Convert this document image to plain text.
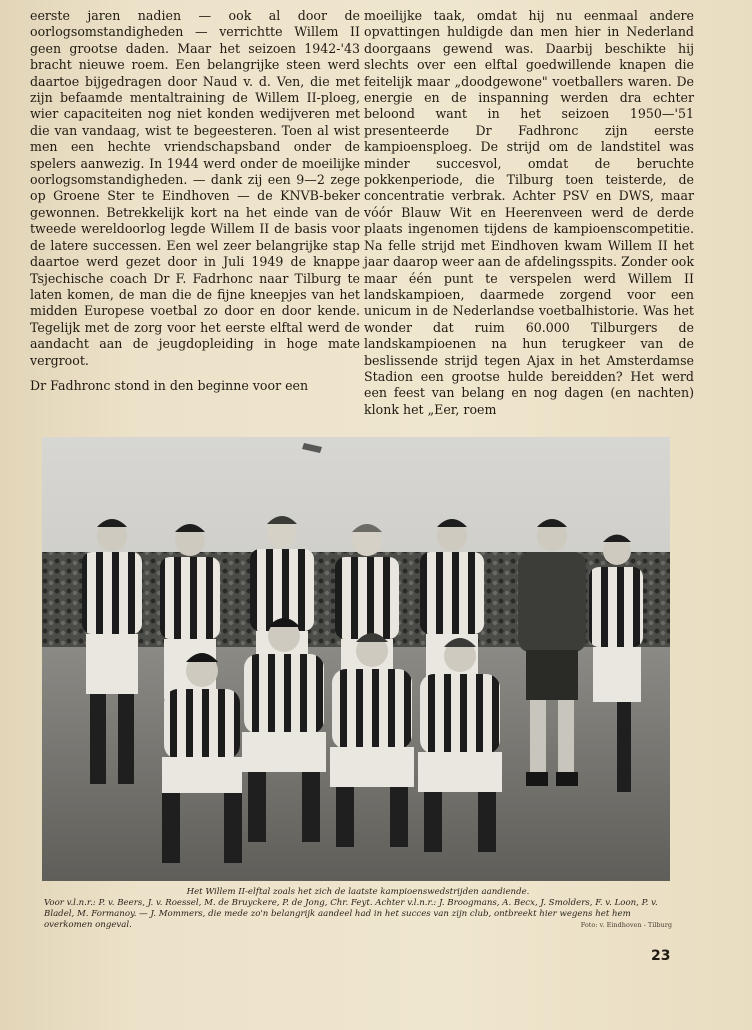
eerste jaren nadien — ook al door de oorlogsomstandigheden — verrichtte Willem II geen grootse daden. Maar het seizoen 1942-'43 bracht nieuwe roem. Een belangrijke steen werd daartoe bijgedragen door Naud v. d. Ven, die met zijn befaamde mentaltraining de Willem II-ploeg, wier capaciteiten nog niet konden wedijveren met die van vandaag, wist te begeesteren. Toen al wist men een hechte vriendschapsband onder de spelers aanwezig. In 1944 werd onder de moeilijke oorlogsomstandigheden. — dank zij een 9—2 zege op Groene Ster te Eindhoven — de KNVB-beker gewonnen. Betrekkelijk kort na het einde van de tweede wereldoorlog legde Willem II de basis voor de latere successen. Een wel zeer belangrijke stap daartoe werd gezet door in Juli 1949 de knappe Tsjechische coach Dr F. Fadrhonc naar Tilburg te laten komen, de man die de fijne kneepjes van het midden Europese voetbal zo door en door kende. Tegelijk met de zorg voor het eerste elftal werd de aandacht aan de jeugdopleiding in hoge mate vergroot.

Dr Fadhronc stond in den beginne voor een

moeilijke taak, omdat hij nu eenmaal andere opvattingen huldigde dan men hier in Nederland doorgaans gewend was. Daarbij beschikte hij slechts over een elftal goedwillende knapen die feitelijk maar „doodgewone" voetballers waren. De energie en de inspanning werden dra echter beloond want in het seizoen 1950—'51 presenteerde Dr Fadhronc zijn eerste kampioensploeg. De strijd om de landstitel was minder succesvol, omdat de beruchte pokkenperiode, die Tilburg toen teisterde, de concentratie verbrak. Achter PSV en DWS, maar vóór Blauw Wit en Heerenveen werd de derde plaats ingenomen tijdens de kampioenscompetitie. Na felle strijd met Eindhoven kwam Willem II het jaar daarop weer aan de afdelingsspits. Zonder ook maar één punt te verspelen werd Willem II landskampioen, daarmede zorgend voor een unicum in de Nederlandse voetbalhistorie. Was het wonder dat ruim 60.000 Tilburgers de landskampioenen na hun terugkeer van de beslissende strijd tegen Ajax in het Amsterdamse Stadion een grootse hulde bereidden? Het werd een feest van belang en nog dagen (en nachten) klonk het „Eer, roem

Het Willem II-elftal zoals het zich de laatste kampioenswedstrijden aandiende.
Voor v.l.n.r.: P. v. Beers, J. v. Roessel, M. de Bruyckere, P. de Jong, Chr. Feyt. Achter v.l.n.r.: J. Broogmans, A. Becx, J. Smolders, F. v. Loon, P. v. Bladel, M. Formanoy. — J. Mommers, die mede zo'n belangrijk aandeel had in het succes van zijn club, ontbreekt hier wegens het hem overkomen ongeval.	Foto: v. Eindhoven - Tilburg
23
